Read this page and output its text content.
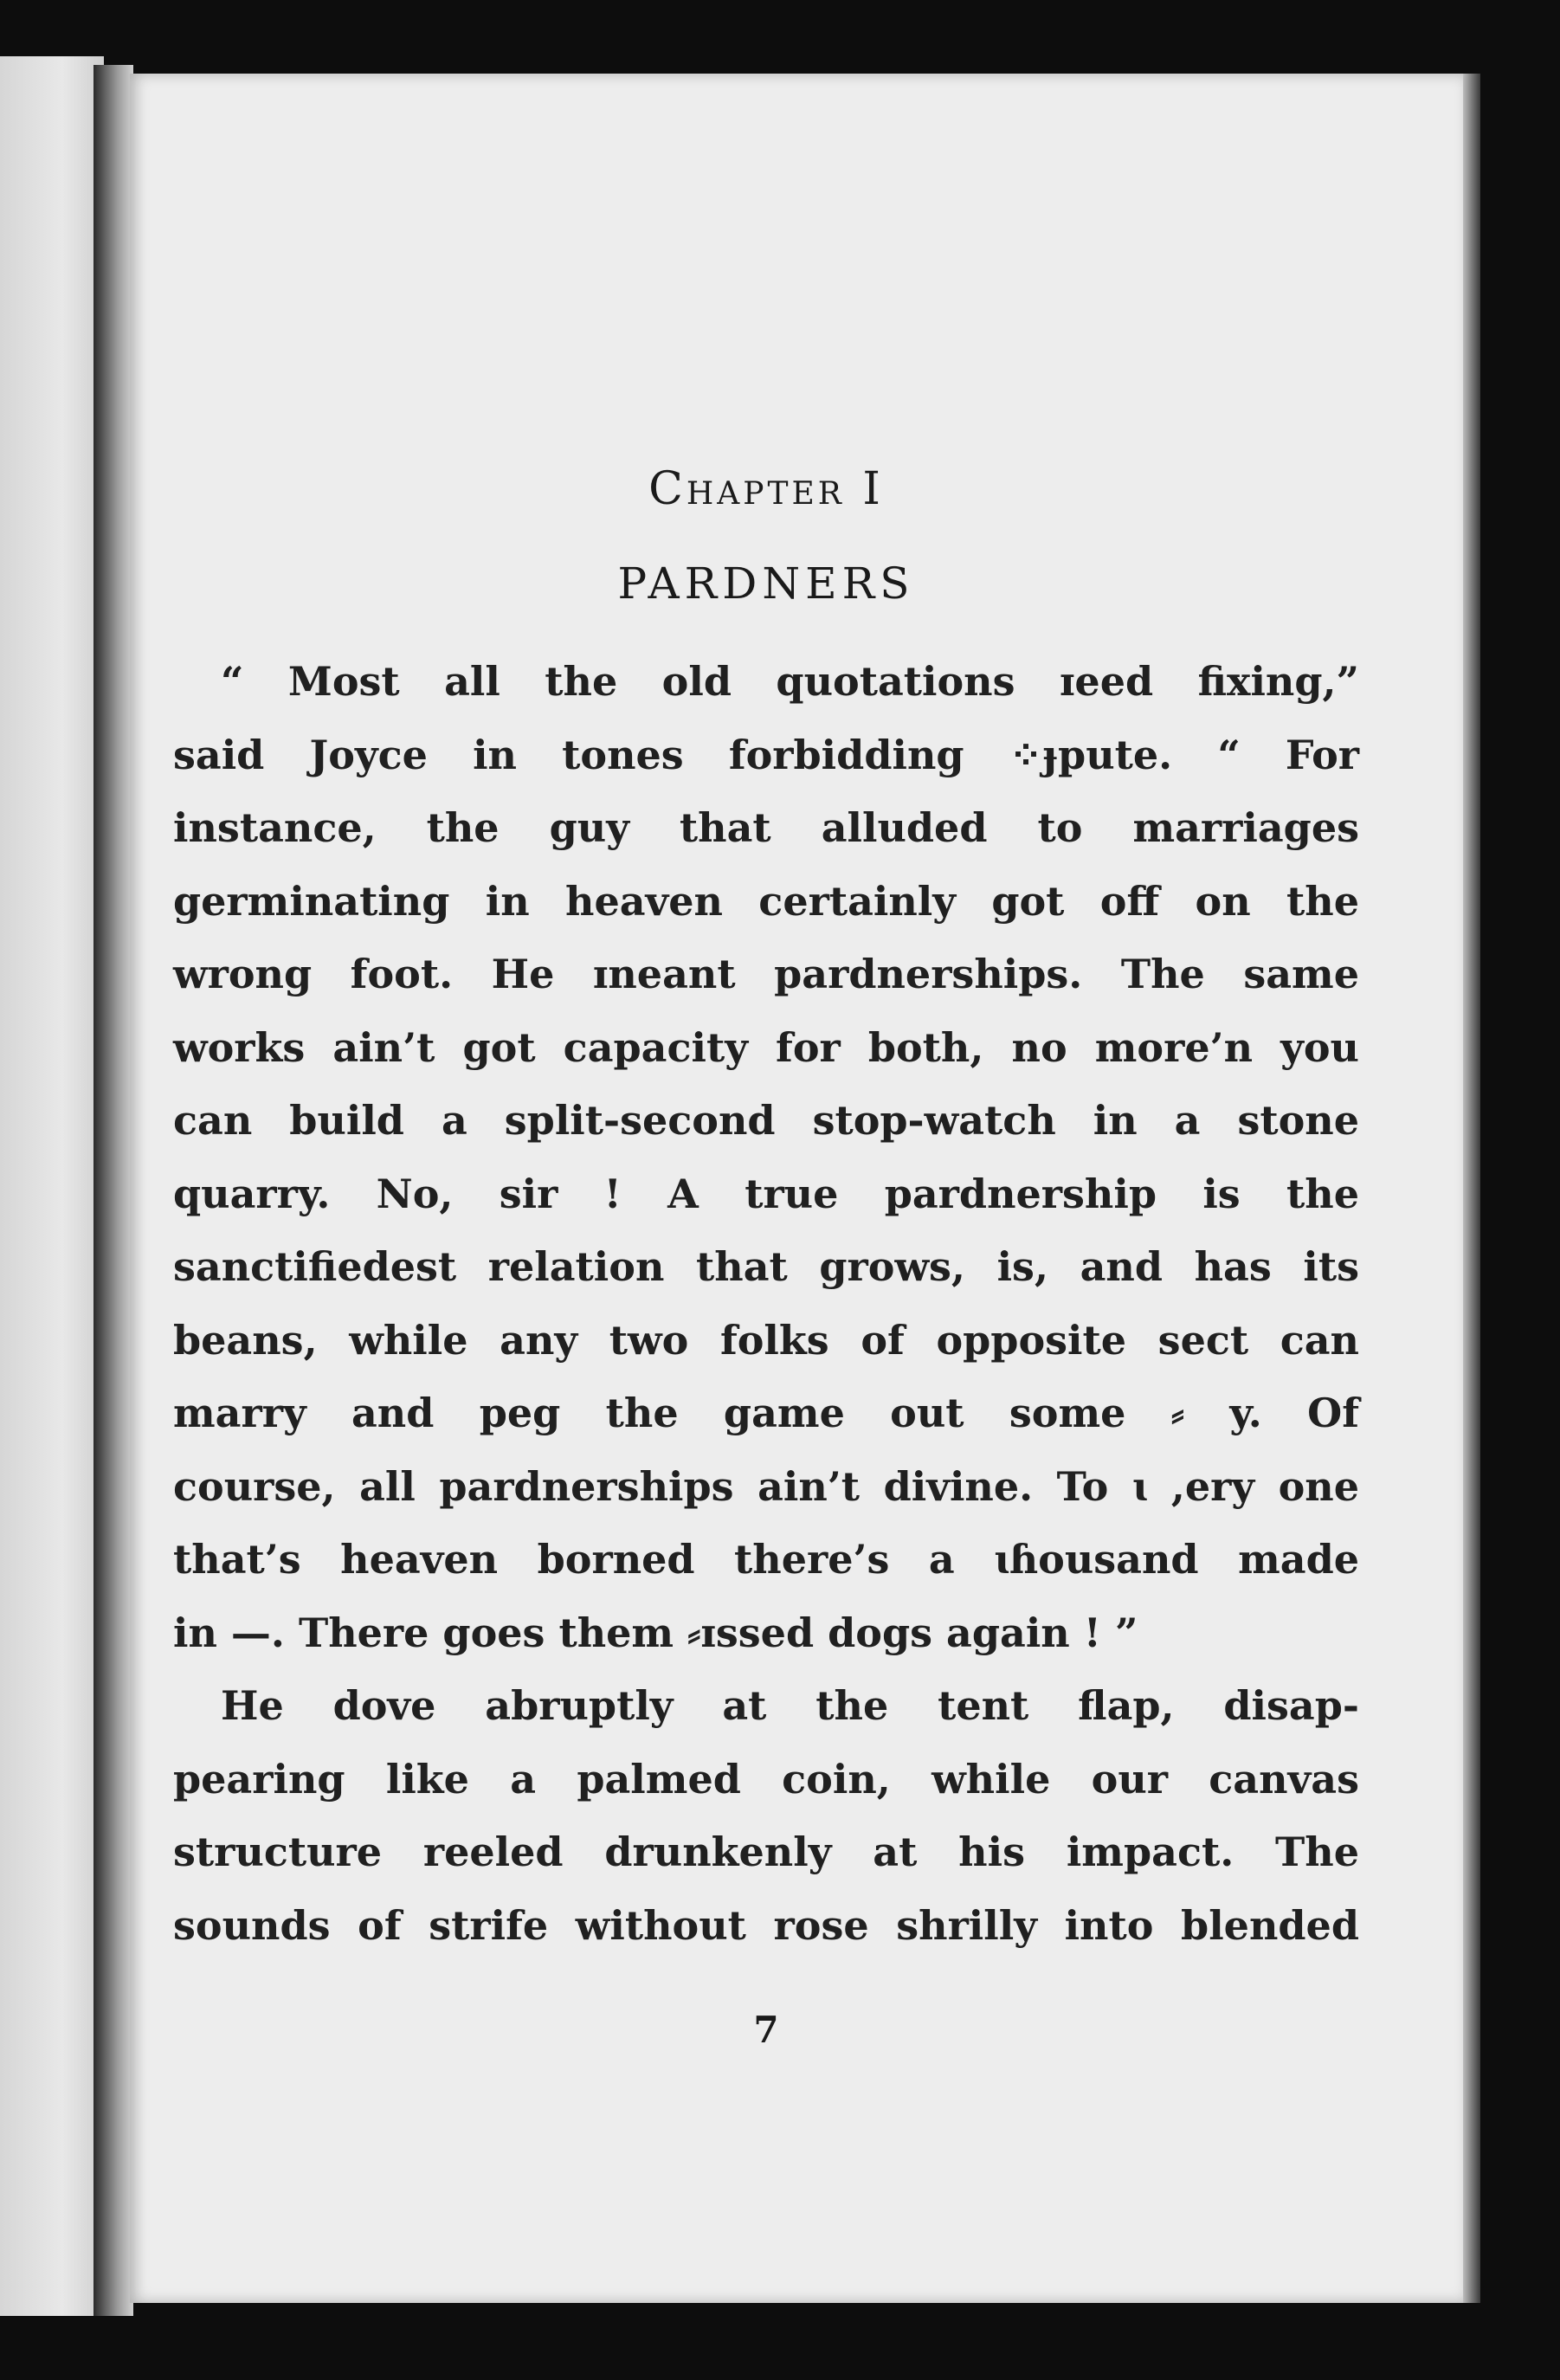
Chapter I
PARDNERS

“ Most all the old quotations ɪeed fixing,”
said Joyce in tones forbidding ⁘ɟpute. “ For
instance, the guy that alluded to marriages
germinating in heaven certainly got off on the
wrong foot. He ɪneant pardnerships. The same
works ain’t got capacity for both, no more’n you
can build a split-second stop-watch in a stone
quarry. No, sir ! A true pardnership is the
sanctifiedest relation that grows, is, and has its
beans, while any two folks of opposite sect can
marry and peg the game out some ⸗ y. Of
course, all pardnerships ain’t divine. To ɩ ,ery one
that’s heaven borned there’s a ɩɦousand made
in —. There goes them ⸗ɪssed dogs again ! ”

He dove abruptly at the tent flap, disap-
pearing like a palmed coin, while our canvas
structure reeled drunkenly at his impact. The
sounds of strife without rose shrilly into blended

7
